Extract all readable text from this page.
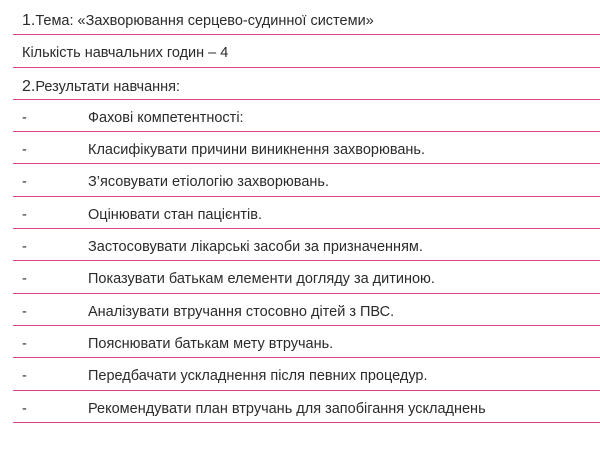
1.Тема: «Захворювання серцево-судинної системи»
Кількість навчальних годин – 4
2.Результати навчання:
-	Фахові компетентності:
-	Класифікувати причини виникнення захворювань.
-	З’ясовувати етіологію захворювань.
-	Оцінювати стан пацієнтів.
-	Застосовувати лікарські засоби за призначенням.
-	Показувати батькам елементи догляду за дитиною.
-	Аналізувати втручання стосовно дітей з ПВС.
-	Пояснювати батькам мету втручань.
-	Передбачати ускладнення після певних процедур.
-	Рекомендувати план втручань для запобігання ускладнень
